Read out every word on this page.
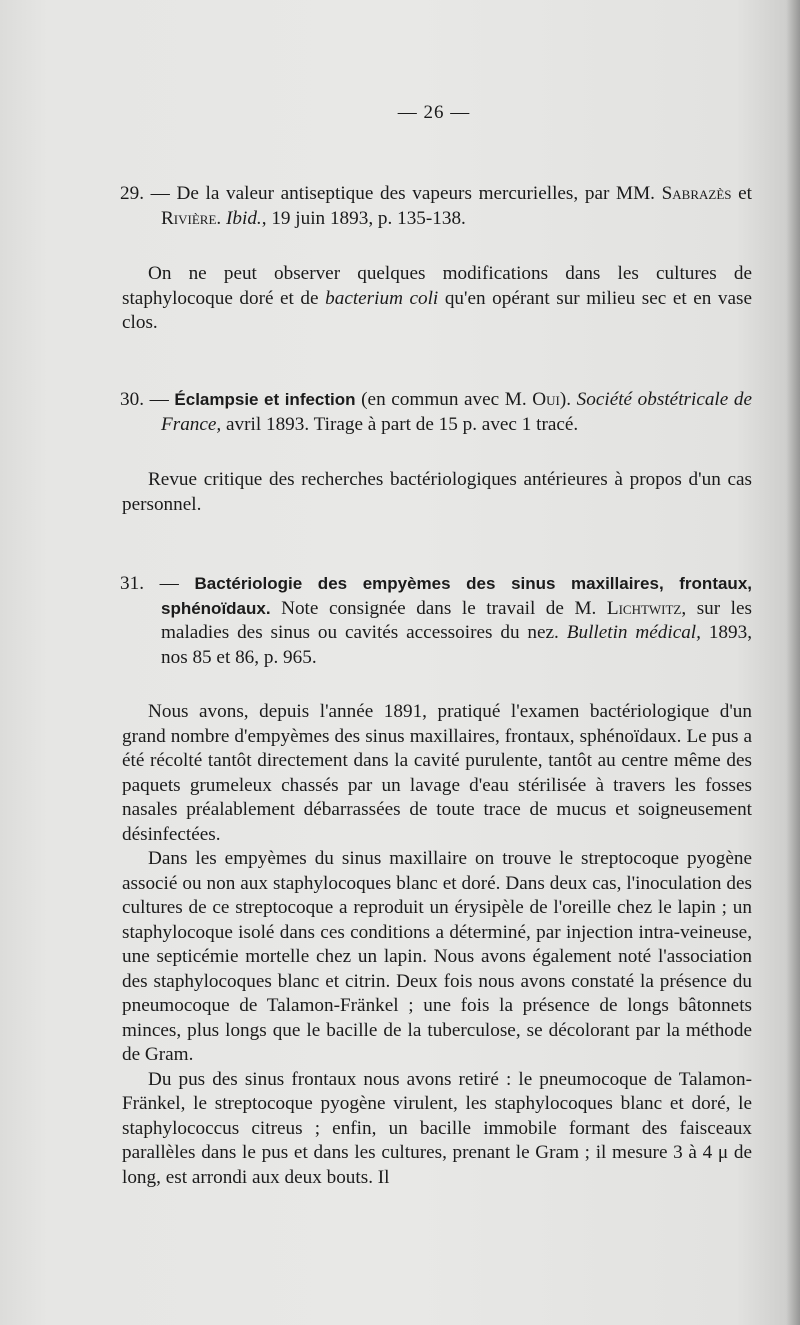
— 26 —
29. — De la valeur antiseptique des vapeurs mercurielles, par MM. Sabrazès et Rivière. Ibid., 19 juin 1893, p. 135-138.

On ne peut observer quelques modifications dans les cultures de staphylocoque doré et de bacterium coli qu'en opérant sur milieu sec et en vase clos.

30. — Éclampsie et infection (en commun avec M. Oui). Société obstétricale de France, avril 1893. Tirage à part de 15 p. avec 1 tracé.

Revue critique des recherches bactériologiques antérieures à propos d'un cas personnel.

31. — Bactériologie des empyèmes des sinus maxillaires, frontaux, sphénoïdaux. Note consignée dans le travail de M. Lichtwitz, sur les maladies des sinus ou cavités accessoires du nez. Bulletin médical, 1893, nos 85 et 86, p. 965.

Nous avons, depuis l'année 1891, pratiqué l'examen bactériologique d'un grand nombre d'empyèmes des sinus maxillaires, frontaux, sphénoïdaux. Le pus a été récolté tantôt directement dans la cavité purulente, tantôt au centre même des paquets grumeleux chassés par un lavage d'eau stérilisée à travers les fosses nasales préalablement débarrassées de toute trace de mucus et soigneusement désinfectées.

Dans les empyèmes du sinus maxillaire on trouve le streptocoque pyogène associé ou non aux staphylocoques blanc et doré. Dans deux cas, l'inoculation des cultures de ce streptocoque a reproduit un érysipèle de l'oreille chez le lapin ; un staphylocoque isolé dans ces conditions a déterminé, par injection intra-veineuse, une septicémie mortelle chez un lapin. Nous avons également noté l'association des staphylocoques blanc et citrin. Deux fois nous avons constaté la présence du pneumocoque de Talamon-Fränkel ; une fois la présence de longs bâtonnets minces, plus longs que le bacille de la tuberculose, se décolorant par la méthode de Gram.

Du pus des sinus frontaux nous avons retiré : le pneumocoque de Talamon-Fränkel, le streptocoque pyogène virulent, les staphylocoques blanc et doré, le staphylococcus citreus ; enfin, un bacille immobile formant des faisceaux parallèles dans le pus et dans les cultures, prenant le Gram ; il mesure 3 à 4 μ de long, est arrondi aux deux bouts. Il
